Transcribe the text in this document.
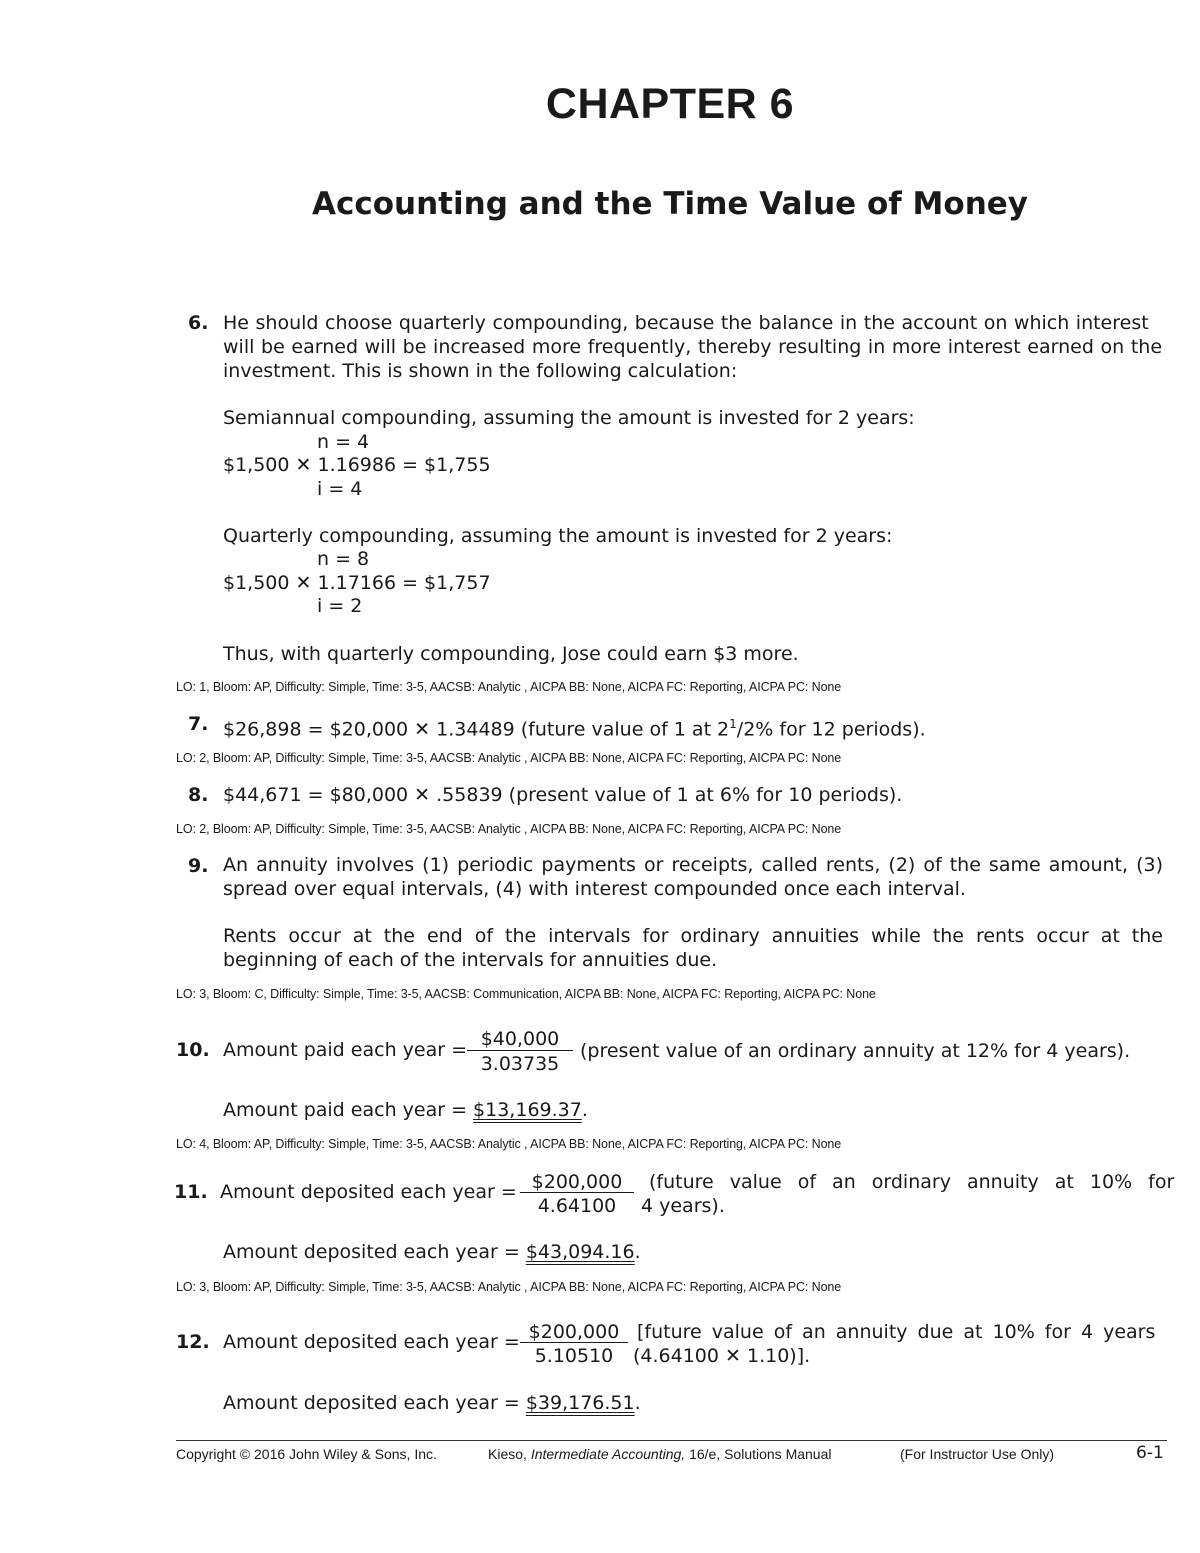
CHAPTER 6
Accounting and the Time Value of Money
6. He should choose quarterly compounding, because the balance in the account on which interest
will be earned will be increased more frequently, thereby resulting in more interest earned on the
investment. This is shown in the following calculation:
Semiannual compounding, assuming the amount is invested for 2 years:
n = 4
$1,500 ✕ 1.16986 = $1,755
i = 4
Quarterly compounding, assuming the amount is invested for 2 years:
n = 8
$1,500 ✕ 1.17166 = $1,757
i = 2
Thus, with quarterly compounding, Jose could earn $3 more.
LO: 1, Bloom: AP, Difficulty: Simple, Time: 3-5, AACSB: Analytic , AICPA BB: None, AICPA FC: Reporting, AICPA PC: None
7. $26,898 = $20,000 ✕ 1.34489 (future value of 1 at $2^1/2\%$ for 12 periods).
LO: 2, Bloom: AP, Difficulty: Simple, Time: 3-5, AACSB: Analytic , AICPA BB: None, AICPA FC: Reporting, AICPA PC: None
8. $44,671 = $80,000 ✕ .55839 (present value of 1 at 6% for 10 periods).
LO: 2, Bloom: AP, Difficulty: Simple, Time: 3-5, AACSB: Analytic , AICPA BB: None, AICPA FC: Reporting, AICPA PC: None
9. An annuity involves (1) periodic payments or receipts, called rents, (2) of the same amount, (3) spread over equal intervals, (4) with interest compounded once each interval.
Rents occur at the end of the intervals for ordinary annuities while the rents occur at the beginning of each of the intervals for annuities due.
LO: 3, Bloom: C, Difficulty: Simple, Time: 3-5, AACSB: Communication, AICPA BB: None, AICPA FC: Reporting, AICPA PC: None
10. Amount paid each year = $40,000
3.03735
(present value of an ordinary annuity at 12% for 4 years).
Amount paid each year = $13,169.37.
LO: 4, Bloom: AP, Difficulty: Simple, Time: 3-5, AACSB: Analytic , AICPA BB: None, AICPA FC: Reporting, AICPA PC: None
11. Amount deposited each year = $200,000
4.64100
(future value of an ordinary annuity at 10% for
4 years).
Amount deposited each year = $43,094.16.
LO: 3, Bloom: AP, Difficulty: Simple, Time: 3-5, AACSB: Analytic , AICPA BB: None, AICPA FC: Reporting, AICPA PC: None
12. Amount deposited each year = $200,000
5.10510
[future value of an annuity due at 10% for 4 years
(4.64100 ✕ 1.10)].
Amount deposited each year = $39,176.51.
Copyright © 2016 John Wiley & Sons, Inc.	Kieso, Intermediate Accounting, 16/e, Solutions Manual	(For Instructor Use Only)	6-1
